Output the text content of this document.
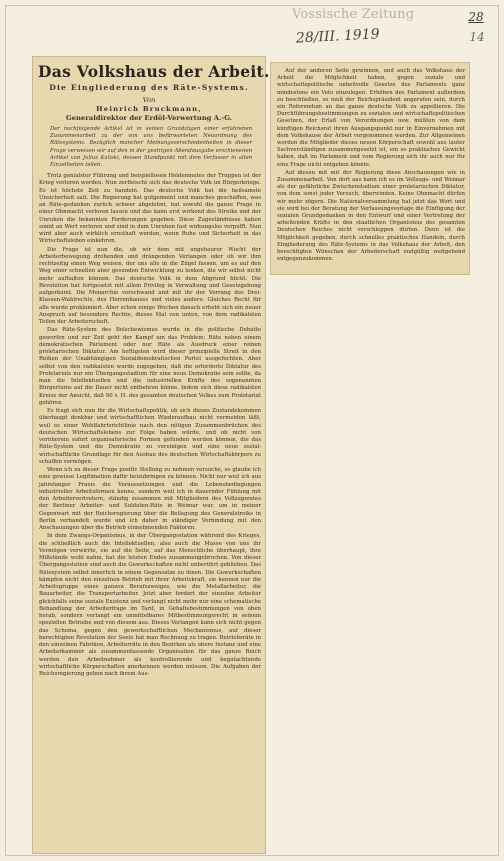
Vossische Zeitung
28/III. 1919
28
14
Das Volkshaus der Arbeit.
Die Eingliederung des Räte-Systems.
Von
Heinrich Bruckmann,
Generaldirektor der Erdöl-Verwertung A.-G.
Der nachfolgende Artikel ist in seinen Grundzügen einer erfahrenen Zusammenarbeit zu der von uns befürworteten Neuordnung des Rätesystems. Bezüglich mancher Meinungsverschiedenheiten in dieser Frage verweisen wir auf den in der gestrigen Abendausgabe erschienenen Artikel von Julius Kaliski, dessen Standpunkt mit dem Verfasser in allen Einzelheiten teilen.

Trotz genialster Führung und beispiellosen Heldenmutes der Truppen ist der Krieg verloren worden. Nun zerfleischt sich das deutsche Volk im Bürgerkriege. Es ist höchste Zeit zu handeln. Das deutsche Volk hat die heilsamste Unsicherheit satt. Die Regierung hat gutgemeint und manches geschaffen, was an Räte-gedanken zurück schwer abgelehnt, hat sowohl die ganze Frage in einer Ohnmacht verloren lassen und das kann erst wirkend des Streiks und der Unruhen die bekannten Forderungen gegeben. Diese Zugeständnisse haben somit an Wert verloren und sind in dem Unruhen fast wirkungslos verpufft. Nun wird aber auch wirklich ernsthaft werden, wenn Ruhe und Sicherheit in das Wirtschaftsleben einkehren.

Die Frage ist nun die, ob wir dem mit ungeheurer Wucht der Arbeiterbewegung drohenden und drängenden Verlangen oder ob wir ihm rechtzeitig einen Weg weisen, der uns alle in die Zügel fassen, um es auf den Weg einer schnellen aber gesunden Entwicklung zu lenken, die wir selbst nicht mehr aufhalten können. Das deutsche Volk in dem Abgrund blickt. Die Revolution hat fortgesetzt mit allem Privileg in Verwaltung und Gesetzgebung aufgeräumt. Die Monarchie verschwand und mit ihr der Vorrang des Drei-Klassen-Wahlrechts, des Herrenhauses und vieles andere. Gleiches Recht für alle wurde proklamiert. Aber schon einige Wochen danach erhebt sich ein neuer Anspruch auf besondere Rechte, dieses Mal von unten, von dem radikalsten Teilen der Arbeiterschaft.

Das Räte-System des Bolschewismus wurde in die politische Debatte geworfen und zur Zeit geht der Kampf um das Problem: Räte neben einem demokratischen Parlament oder nur Räte als Ausdruck einer reinen proletarischen Diktatur. Am heftigsten wird dieser prinzipielle Streit in den Reihen der Unabhängigen Sozialdemokratischen Partei ausgefochten. Aber selbst von den radikalsten wurde zugegeben, daß die erforderte Diktatur des Proletariats nur ein Übergangsstadium für eine neue Demokratie sein sollte, da man die Intellektuellen und die industriellen Kräfte des sogenannten Bürgertums auf die Dauer nicht entbehren könne. Indem sich diese radikalsten Kreise der Ansicht, daß 90 v. H. des gesamten deutschen Volkes zum Proletariat gehören.

Es fragt sich nun für die Wirtschaftspolitik, ob sich dieses Zustandekommen überhaupt denkbar und wirtschaftlichen Wiederaufbau nicht vermeiden läßt, weil es einer Wohlfahrtsrichtlinie nach den nötigen Zusammenbrüchen des deutschen Wirtschaftslebens zur Folge haben würde, und ob nicht von vornherein sofort organisatorische Formen gefunden werden können, die das Räte-System und die Demokratie zu vereinigen und eine neue sozial-wirtschaftliche Grundlage für den Ausbau des deutschen Wirtschaftskörpers zu schaffen vermögen.

Wenn ich zu dieser Frage positiv Stellung zu nehmen versuche, so glaube ich eine gewisse Legitimation dafür beizubringen zu können. Nicht nur weil ich aus jahrelanger Praxis die Voraussetzungen und die Lebensbedingungen industrieller Arbeitsformen kenne, sondern weil ich in dauernder Fühlung mit den Arbeitervertretern, ständig zusammen mit Mitgliedern des Vollzugsrates der Berliner Arbeiter- und Soldaten-Räte in Weimar war, um in meiner Gegenwart mit der Reichsregierung über die Beilegung des Generalstreiks in Berlin verhandelt wurde und ich daher in ständiger Verbindung mit den Anschauungen über die Betrieb einnehmenden Faktoren.

In dem Zwangs-Organismus, in der Übergangsstation während des Krieges, die schließlich auch die Intellektuellen, also auch die Masse von uns ihr Vermögen verwirrte, sie auf die Seite, auf das Menschliche überhaupt, ihre Mißstände wohl nahm, hat die letzten Endes zusammengebrochen. Von dieser Übergangsstation sind auch die Gewerkschaften nicht unberührt geblieben. Das Rätesystem selbst innerlich in einem Gegensatze zu ihnen. Die Gewerkschaften kämpfen nicht den einzelnen Betrieb mit ihrer Arbeitskraft, sie kennen nur die Arbeitsgruppe eines ganzen Berufszweiges, wie die Metallarbeiter, die Bauarbeiter, die Transportarbeiter. Jetzt aber fordert der einzelne Arbeiter gleichfalls seine soziale Existenz und verlangt nicht mehr nur eine schematische Behandlung der Arbeiterfrage im Tarif, in Gehaltsbestimmungen von oben herab, sondern verlangt ein unmittelbares Mitbestimmungsrecht in seinem speziellen Betriebe und von diesem aus. Dieses Verlangen kann sich nicht gegen das Schema, gegen den gewerkschaftlichen Mechanismus, auf dieser berechtigten Revolution der Seele hat man Rechnung zu tragen. Betriebsräte in den einzelnen Fabriken, Arbeiterräte in den Bezirken als obere Instanz und eine Arbeiterkammer als zusammenfassende Organisation für das ganze Reich werden den Arbeitnehmer als kontrollierende und begutachtende wirtschaftliche Körperschaften anerkennen werden müssen. Die Aufgaben der Reichsregierung gehen nach ihrem Aus-

Auf der anderen Seite gewinnen, und auch das Volkshaus der Arbeit die Möglichkeit haben, gegen soziale und wirtschaftspolitische unheilvolle Gesetze des Parlaments ganz mindestens ein Veto einzulegen. Erhöhen des Parlament außerdem zu beschließen, so muß der Reichspräsident angerufen sein, durch ein Referendum an das ganze deutsche Volk zu appellieren. Die Durchführungsbestimmungen zu sozialen und wirtschaftspolitischen Gesetzen, der Erlaß von Verordnungen usw. müßten von dem künftigen Reichsrat ihren Ausgangspunkt nur in Einvernehmen mit dem Volkshause der Arbeit vorgenommen werden. Zur Allgemeinen werden die Mitglieder dieses neuen Körperschaft sowohl aus lauter Sachverständigen zusammengesetzt ist, ein so praktisches Gewicht haben, daß im Parlament und vom Regierung sich ihr auch nur für eine Frage nicht entgehen könnte.

Auf diesen mit mit der Regierung diese Anschauungen wie in Zusammenarbeit. Von dort aus kann ich es im Vollzugs- und Weimar als der gefährliche Zwischenstadium einer proletarischen Diktatur, von dem sonst jeder Versuch, überwinden. Keine Ohnmacht dürfen wir mehr zögern. Die Nationalversammlung hat jetzt das Wort und sie wird bei der Beratung der Verfassungsvorlage die Einfügung der sozialen Grundgedanken in den Entwurf und einer Vertretung der arbeitenden Kräfte in den staatlichen Organismus des gesamten Deutschen Reiches nicht verschleppen dürfen. Denn ist die Möglichkeit gegeben, durch schnelles praktisches Handeln, durch Eingliederung des Räte-Systems in das Volkshaus der Arbeit, den berechtigten Wünschen der Arbeiterschaft endgültig weitgehend entgegenzukommen.
